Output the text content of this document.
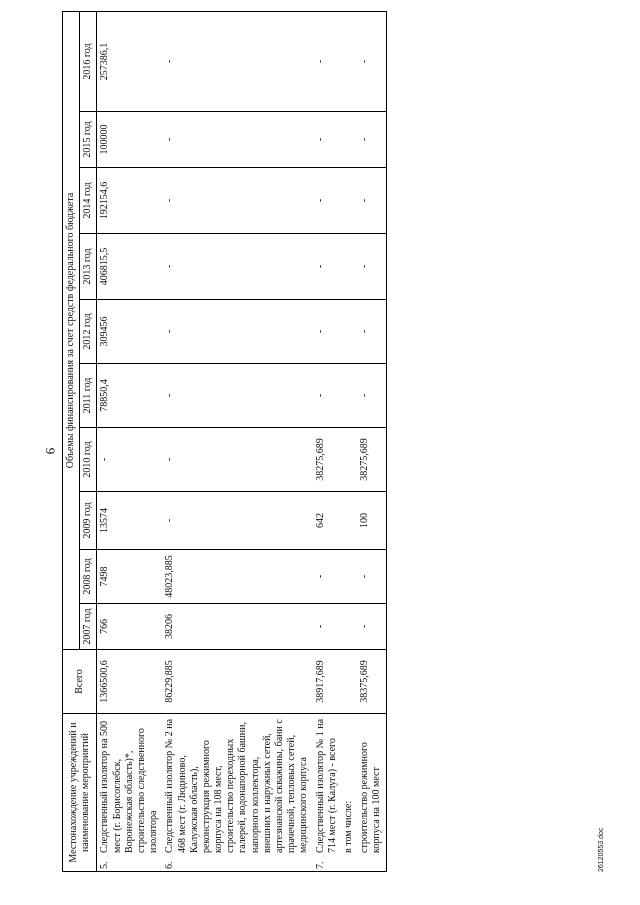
9
Местонахождение учреждений и наименование мероприятий	Всего	Объемы финансирования за счет средств федерального бюджета									
		2007 год	2008 год	2009 год	2010 год	2011 год	2012 год	2013 год	2014 год	2015 год	2016 год

5.
Следственный изолятор на 500 мест (г. Борисоглебск, Воронежская область)*, строительство следственного изолятора	1366500,6	766	7498	13574	-	78850,4	309456	406815,5	192154,6	100000	257386,1

6.
Следственный изолятор № 2 на 468 мест (г. Людиново, Калужская область), реконструкция режимного корпуса на 108 мест, строительство переходных галерей, водонапорной башни, напорного коллектора, внешних и наружных сетей, артезианской скважины, бани с прачечной, тепловых сетей, медицинского корпуса	86229,885	38206	48023,885	-	-	-	-	-	-	-	-

7.
Следственный изолятор № 1 на 714 мест (г. Калуга) - всего	38917,689	-	-	642	38275,689	-	-	-	-	-	-

в том числе:											

строительство режимного корпуса на 100 мест	38375,689	-	-	100	38275,689	-	-	-	-	-	-
26120553.doc
